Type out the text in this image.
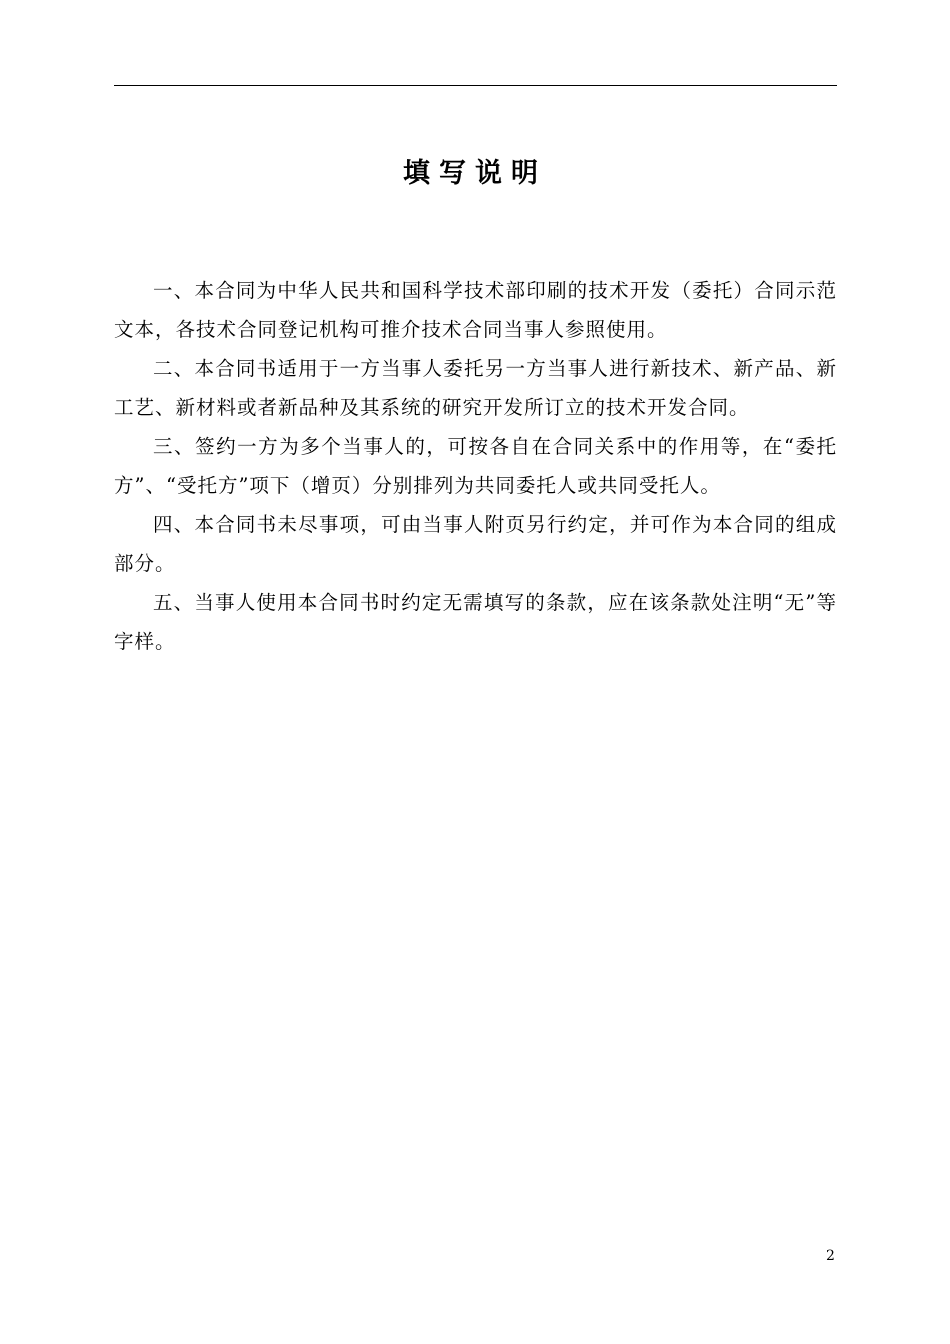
填写说明

一、本合同为中华人民共和国科学技术部印刷的技术开发（委托）合同示范文本，各技术合同登记机构可推介技术合同当事人参照使用。

二、本合同书适用于一方当事人委托另一方当事人进行新技术、新产品、新工艺、新材料或者新品种及其系统的研究开发所订立的技术开发合同。

三、签约一方为多个当事人的，可按各自在合同关系中的作用等，在“委托方”、“受托方”项下（增页）分别排列为共同委托人或共同受托人。

四、本合同书未尽事项，可由当事人附页另行约定，并可作为本合同的组成部分。

五、当事人使用本合同书时约定无需填写的条款，应在该条款处注明“无”等字样。

2
